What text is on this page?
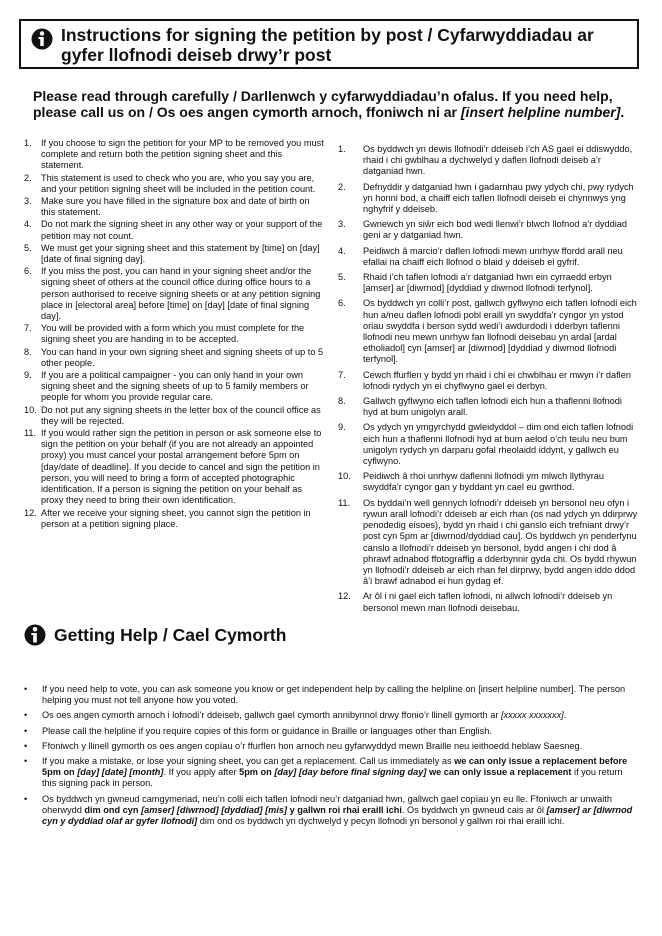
Instructions for signing the petition by post / Cyfarwyddiadau ar gyfer llofnodi deiseb drwy’r post
Please read through carefully / Darllenwch y cyfarwyddiadau’n ofalus. If you need help, please call us on / Os oes angen cymorth arnoch, ffoniwch ni ar [insert helpline number].
1. If you choose to sign the petition for your MP to be removed you must complete and return both the petition signing sheet and this statement.
2. This statement is used to check who you are, who you say you are, and your petition signing sheet will be included in the petition count.
3. Make sure you have filled in the signature box and date of birth on this statement.
4. Do not mark the signing sheet in any other way or your support of the petition may not count.
5. We must get your signing sheet and this statement by [time] on [day] [date of final signing day].
6. If you miss the post, you can hand in your signing sheet and/or the signing sheet of others at the council office during office hours to a person authorised to receive signing sheets or at any petition signing place in [electoral area] before [time] on [day] [date of final signing day].
7. You will be provided with a form which you must complete for the signing sheet you are handing in to be accepted.
8. You can hand in your own signing sheet and signing sheets of up to 5 other people.
9. If you are a political campaigner - you can only hand in your own signing sheet and the signing sheets of up to 5 family members or people for whom you provide regular care.
10. Do not put any signing sheets in the letter box of the council office as they will be rejected.
11. If you would rather sign the petition in person or ask someone else to sign the petition on your behalf (if you are not already an appointed proxy) you must cancel your postal arrangement before 5pm on [day/date of deadline]. If you decide to cancel and sign the petition in person, you will need to bring a form of accepted photographic identification. If a person is signing the petition on your behalf as proxy they need to bring their own identification.
12. After we receive your signing sheet, you cannot sign the petition in person at a petition signing place.
1. Os byddwch yn dewis llofnodi’r ddeiseb i’ch AS gael ei ddiswyddo, rhaid i chi gwblhau a dychwelyd y daflen llofnodi deiseb a’r datganiad hwn.
2. Defnyddir y datganiad hwn i gadarnhau pwy ydych chi, pwy rydych yn honni bod, a chaiff eich taflen llofnodi deiseb ei chynnwys yng nghyfrif y ddeiseb.
3. Gwnewch yn siŵr eich bod wedi llenwi’r blwch llofnod a’r dyddiad geni ar y datganiad hwn.
4. Peidiwch â marcio’r daflen lofnodi mewn unrhyw ffordd arall neu efallai na chaiff eich llofnod o blaid y ddeiseb ei gyfrif.
5. Rhaid i’ch taflen lofnodi a’r datganiad hwn ein cyrraedd erbyn [amser] ar [diwrnod] [dyddiad y diwrnod llofnodi terfynol].
6. Os byddwch yn colli’r post, gallwch gyflwyno eich taflen lofnodi eich hun a/neu daflen lofnodi pobl eraill yn swyddfa’r cyngor yn ystod oriau swyddfa i berson sydd wedi’i awdurdodi i dderbyn taflenni llofnodi neu mewn unrhyw fan llofnodi deisebau yn ardal [ardal etholiadol] cyn [amser] ar [diwrnod] [dyddiad y diwrnod llofnodi terfynol].
7. Cewch ffurflen y bydd yn rhaid i chi ei chwblhau er mwyn i’r daflen lofnodi rydych yn ei chyflwyno gael ei derbyn.
8. Gallwch gyflwyno eich taflen lofnodi eich hun a thaflenni llofnodi hyd at bum unigolyn arall.
9. Os ydych yn ymgyrchydd gwleidyddol – dim ond eich taflen lofnodi eich hun a thaflenni llofnodi hyd at bum aelod o’ch teulu neu bum unigolyn rydych yn darparu gofal rheolaidd iddynt, y gallwch eu cyflwyno.
10. Peidiwch â rhoi unrhyw daflenni llofnodi ym mlwch llythyrau swyddfa’r cyngor gan y byddant yn cael eu gwrthod.
11. Os byddai’n well gennych lofnodi’r ddeiseb yn bersonol neu ofyn i rywun arall lofnodi’r ddeiseb ar eich rhan (os nad ydych yn ddirprwy penodedig eisoes), bydd yn rhaid i chi ganslo eich trefniant drwy’r post cyn 5pm ar [diwrnod/dyddiad cau]. Os byddwch yn penderfynu canslo a llofnodi’r ddeiseb yn bersonol, bydd angen i chi dod â phrawf adnabod ffotograffig a dderbynnir gyda chi. Os bydd rhywun yn llofnodi’r ddeiseb ar eich rhan fel dirprwy, bydd angen iddo ddod â’i brawf adnabod ei hun gydag ef.
12. Ar ôl i ni gael eich taflen lofnodi, ni allwch lofnodi’r ddeiseb yn bersonol mewn man llofnodi deisebau.
Getting Help / Cael Cymorth
• If you need help to vote, you can ask someone you know or get independent help by calling the helpline on [insert helpline number]. The person helping you must not tell anyone how you voted.
• Os oes angen cymorth arnoch i lofnodi’r ddeiseb, gallwch gael cymorth annibynnol drwy ffonio’r llinell gymorth ar [xxxxx xxxxxxx].
• Please call the helpline if you require copies of this form or guidance in Braille or languages other than English.
• Ffoniwch y llinell gymorth os oes angen copïau o’r ffurflen hon arnoch neu gyfarwyddyd mewn Braille neu ieithoedd heblaw Saesneg.
• If you make a mistake, or lose your signing sheet, you can get a replacement. Call us immediately as we can only issue a replacement before 5pm on [day] [date] [month]. If you apply after 5pm on [day] [day before final signing day] we can only issue a replacement if you return this signing pack in person.
• Os byddwch yn gwneud camgymeriad, neu’n colli eich taflen lofnodi neu’r datganiad hwn, gallwch gael copïau yn eu lle. Ffoniwch ar unwaith oherwydd dim ond cyn [amser] [diwrnod] [dyddiad] [mis] y gallwn roi rhai eraill ichi. Os byddwch yn gwneud cais ar ôl [amser] ar [diwrnod cyn y dyddiad olaf ar gyfer llofnodi] dim ond os byddwch yn dychwelyd y pecyn llofnodi yn bersonol y gallwn roi rhai eraill ichi.
